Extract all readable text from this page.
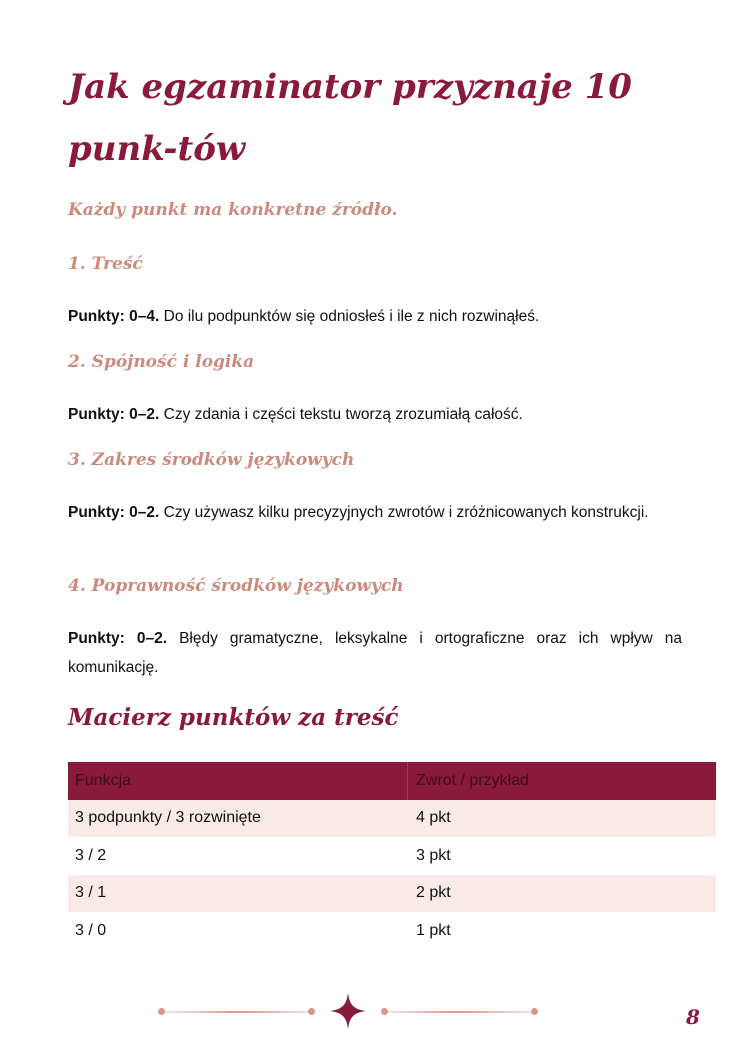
Jak egzaminator przyznaje 10 punk-tów

Każdy punkt ma konkretne źródło.

1. Treść

Punkty: 0–4. Do ilu podpunktów się odniosłeś i ile z nich rozwinąłeś.

2. Spójność i logika

Punkty: 0–2. Czy zdania i części tekstu tworzą zrozumiałą całość.

3. Zakres środków językowych

Punkty: 0–2. Czy używasz kilku precyzyjnych zwrotów i zróżnicowanych konstrukcji.

4. Poprawność środków językowych

Punkty: 0–2. Błędy gramatyczne, leksykalne i ortograficzne oraz ich wpływ na komunikację.

Macierz punktów za treść
Funkcja	Zwrot / przykład
3 podpunkty / 3 rozwinięte	4 pkt
3 / 2	3 pkt
3 / 1	2 pkt
3 / 0	1 pkt
8
